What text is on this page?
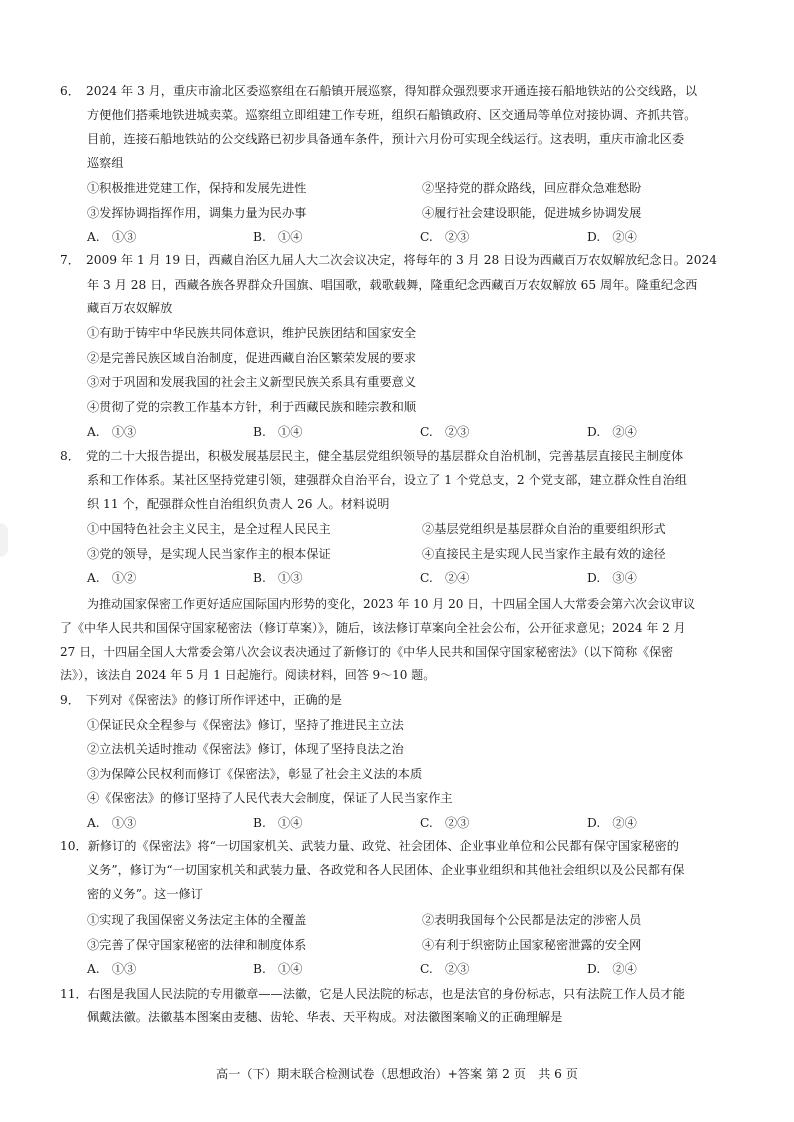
6．　2024 年 3 月，重庆市渝北区委巡察组在石船镇开展巡察，得知群众强烈要求开通连接石船地铁站的公交线路，以
方便他们搭乘地铁进城卖菜。巡察组立即组建工作专班，组织石船镇政府、区交通局等单位对接协调、齐抓共管。
目前，连接石船地铁站的公交线路已初步具备通车条件，预计六月份可实现全线运行。这表明，重庆市渝北区委
巡察组
①积极推进党建工作，保持和发展先进性	②坚持党的群众路线，回应群众急难愁盼
③发挥协调指挥作用，调集力量为民办事	④履行社会建设职能，促进城乡协调发展
A.　①③	B.　①④	C.　②③	D.　②④
7．　2009 年 1 月 19 日，西藏自治区九届人大二次会议决定，将每年的 3 月 28 日设为西藏百万农奴解放纪念日。2024
年 3 月 28 日，西藏各族各界群众升国旗、唱国歌，载歌载舞，隆重纪念西藏百万农奴解放 65 周年。隆重纪念西
藏百万农奴解放
①有助于铸牢中华民族共同体意识，维护民族团结和国家安全
②是完善民族区域自治制度，促进西藏自治区繁荣发展的要求
③对于巩固和发展我国的社会主义新型民族关系具有重要意义
④贯彻了党的宗教工作基本方针，利于西藏民族和睦宗教和顺
A.　①③	B.　①④	C.　②③	D.　②④
8．　党的二十大报告提出，积极发展基层民主，健全基层党组织领导的基层群众自治机制，完善基层直接民主制度体
系和工作体系。某社区坚持党建引领，建强群众自治平台，设立了 1 个党总支，2 个党支部，建立群众性自治组
织 11 个，配强群众性自治组织负责人 26 人。材料说明
①中国特色社会主义民主，是全过程人民民主	②基层党组织是基层群众自治的重要组织形式
③党的领导，是实现人民当家作主的根本保证	④直接民主是实现人民当家作主最有效的途径
A.　①②	B.　①③	C.　②④	D.　③④
为推动国家保密工作更好适应国际国内形势的变化，2023 年 10 月 20 日，十四届全国人大常委会第六次会议审议
了《中华人民共和国保守国家秘密法（修订草案）》，随后，该法修订草案向全社会公布，公开征求意见；2024 年 2 月
27 日，十四届全国人大常委会第八次会议表决通过了新修订的《中华人民共和国保守国家秘密法》（以下简称《保密
法》），该法自 2024 年 5 月 1 日起施行。阅读材料，回答 9～10 题。
9．　下列对《保密法》的修订所作评述中，正确的是
①保证民众全程参与《保密法》修订，坚持了推进民主立法
②立法机关适时推动《保密法》修订，体现了坚持良法之治
③为保障公民权利而修订《保密法》，彰显了社会主义法的本质
④《保密法》的修订坚持了人民代表大会制度，保证了人民当家作主
A.　①③	B.　①④	C.　②③	D.　②④
10．新修订的《保密法》将“一切国家机关、武装力量、政党、社会团体、企业事业单位和公民都有保守国家秘密的
义务”，修订为“一切国家机关和武装力量、各政党和各人民团体、企业事业组织和其他社会组织以及公民都有保
密的义务”。这一修订
①实现了我国保密义务法定主体的全覆盖	②表明我国每个公民都是法定的涉密人员
③完善了保守国家秘密的法律和制度体系	④有利于织密防止国家秘密泄露的安全网
A.　①③	B.　①④	C.　②③	D.　②④
11．右图是我国人民法院的专用徽章——法徽，它是人民法院的标志，也是法官的身份标志，只有法院工作人员才能
佩戴法徽。法徽基本图案由麦穗、齿轮、华表、天平构成。对法徽图案喻义的正确理解是
高一（下）期末联合检测试卷（思想政治）+答案 第 2 页　共 6 页
